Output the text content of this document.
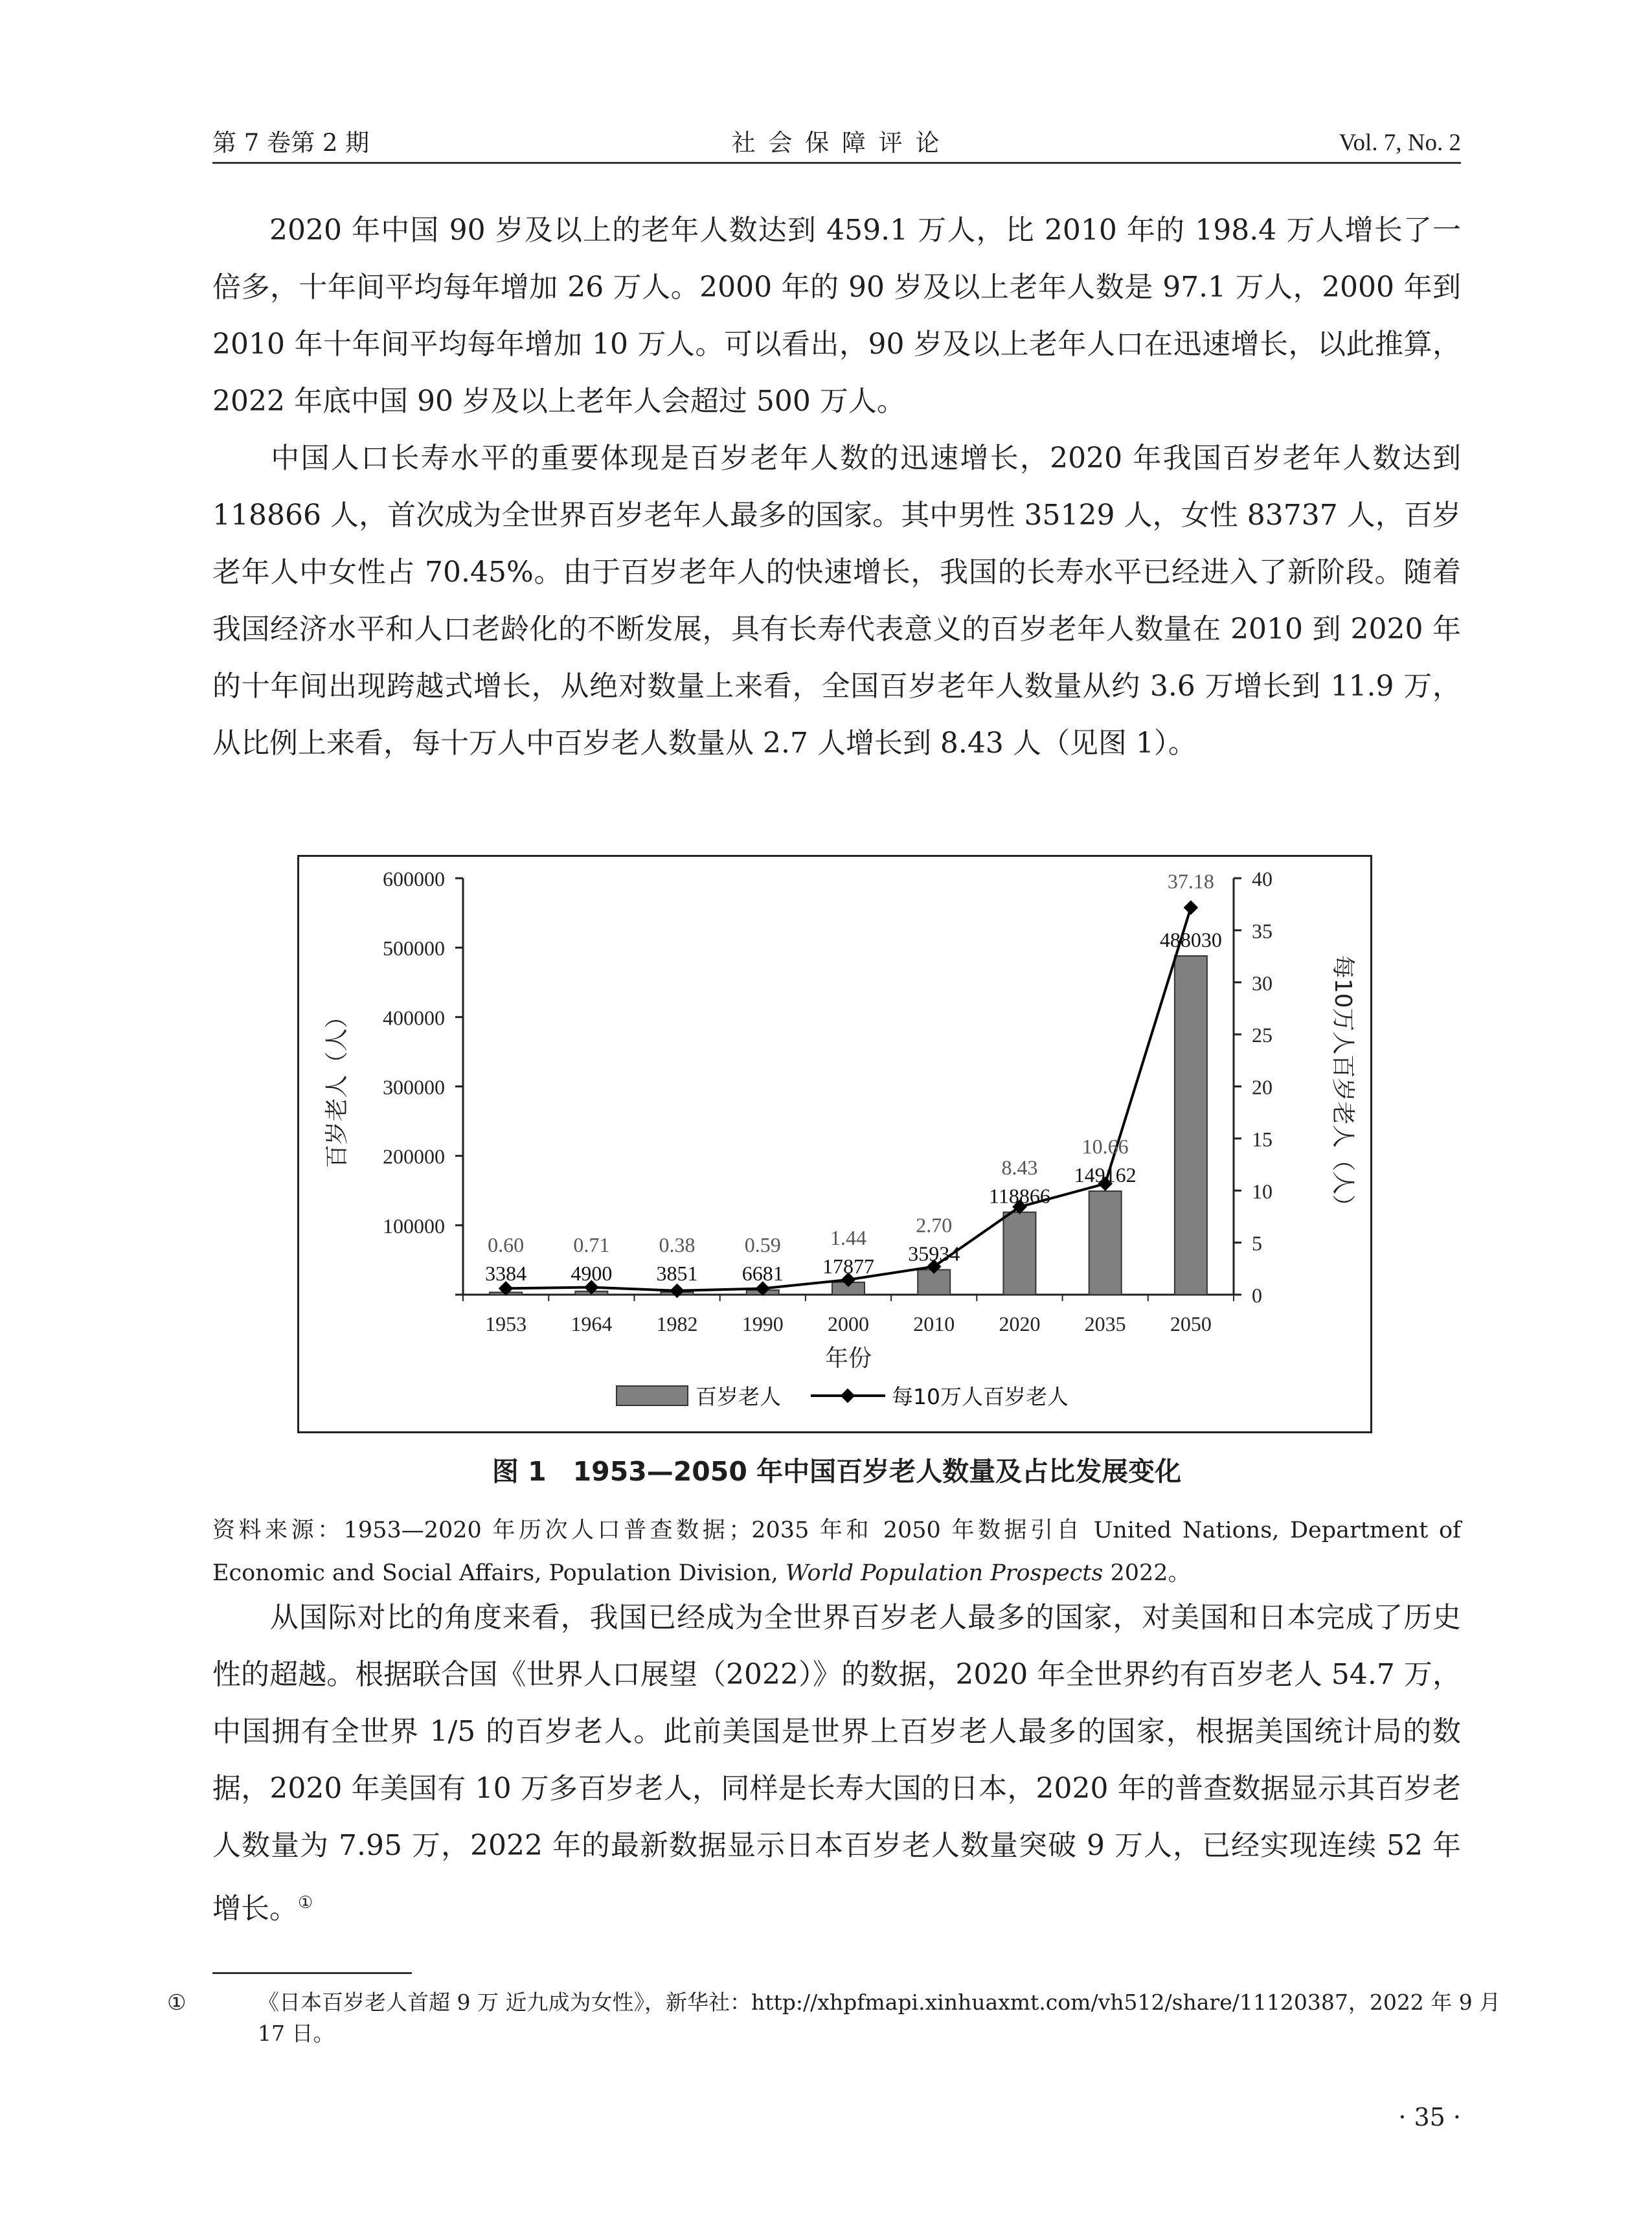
第 7 卷第 2 期	社 会 保 障 评 论	Vol. 7, No. 2

2020 年中国 90 岁及以上的老年人数达到 459.1 万人，比 2010 年的 198.4 万人增长了一倍多，十年间平均每年增加 26 万人。2000 年的 90 岁及以上老年人数是 97.1 万人，2000 年到 2010 年十年间平均每年增加 10 万人。可以看出，90 岁及以上老年人口在迅速增长，以此推算，2022 年底中国 90 岁及以上老年人会超过 500 万人。

中国人口长寿水平的重要体现是百岁老年人数的迅速增长，2020 年我国百岁老年人数达到 118866 人，首次成为全世界百岁老年人最多的国家。其中男性 35129 人，女性 83737 人，百岁老年人中女性占 70.45%。由于百岁老年人的快速增长，我国的长寿水平已经进入了新阶段。随着我国经济水平和人口老龄化的不断发展，具有长寿代表意义的百岁老年人数量在 2010 到 2020 年的十年间出现跨越式增长，从绝对数量上来看，全国百岁老年人数量从约 3.6 万增长到 11.9 万，从比例上来看，每十万人中百岁老人数量从 2.7 人增长到 8.43 人（见图 1）。

100000
200000
300000
400000
500000
600000
0
5
10
15
20
25
30
35
40
1953 1964 1982 1990 2000 2010 2020 2035 2050
年份
百岁老人（人）	每10万人百岁老人（人）
3384 4900 3851 6681 17877
35934
118866
149162
488030
0.60 0.71 0.38 0.59 1.44
2.70
8.43
10.66
37.18
百岁老人	每10万人百岁老人
图 1　1953—2050 年中国百岁老人数量及占比发展变化

资料来源：1953—2020 年历次人口普查数据；2035 年和 2050 年数据引自 United Nations, Department of Economic and Social Affairs, Population Division, World Population Prospects 2022。

从国际对比的角度来看，我国已经成为全世界百岁老人最多的国家，对美国和日本完成了历史性的超越。根据联合国《世界人口展望（2022）》的数据，2020 年全世界约有百岁老人 54.7 万，中国拥有全世界 1/5 的百岁老人。此前美国是世界上百岁老人最多的国家，根据美国统计局的数据，2020 年美国有 10 万多百岁老人，同样是长寿大国的日本，2020 年的普查数据显示其百岁老人数量为 7.95 万，2022 年的最新数据显示日本百岁老人数量突破 9 万人，已经实现连续 52 年增长。①

①	《日本百岁老人首超 9 万 近九成为女性》，新华社：http://xhpfmapi.xinhuaxmt.com/vh512/share/11120387，2022 年 9 月 17 日。

· 35 ·
